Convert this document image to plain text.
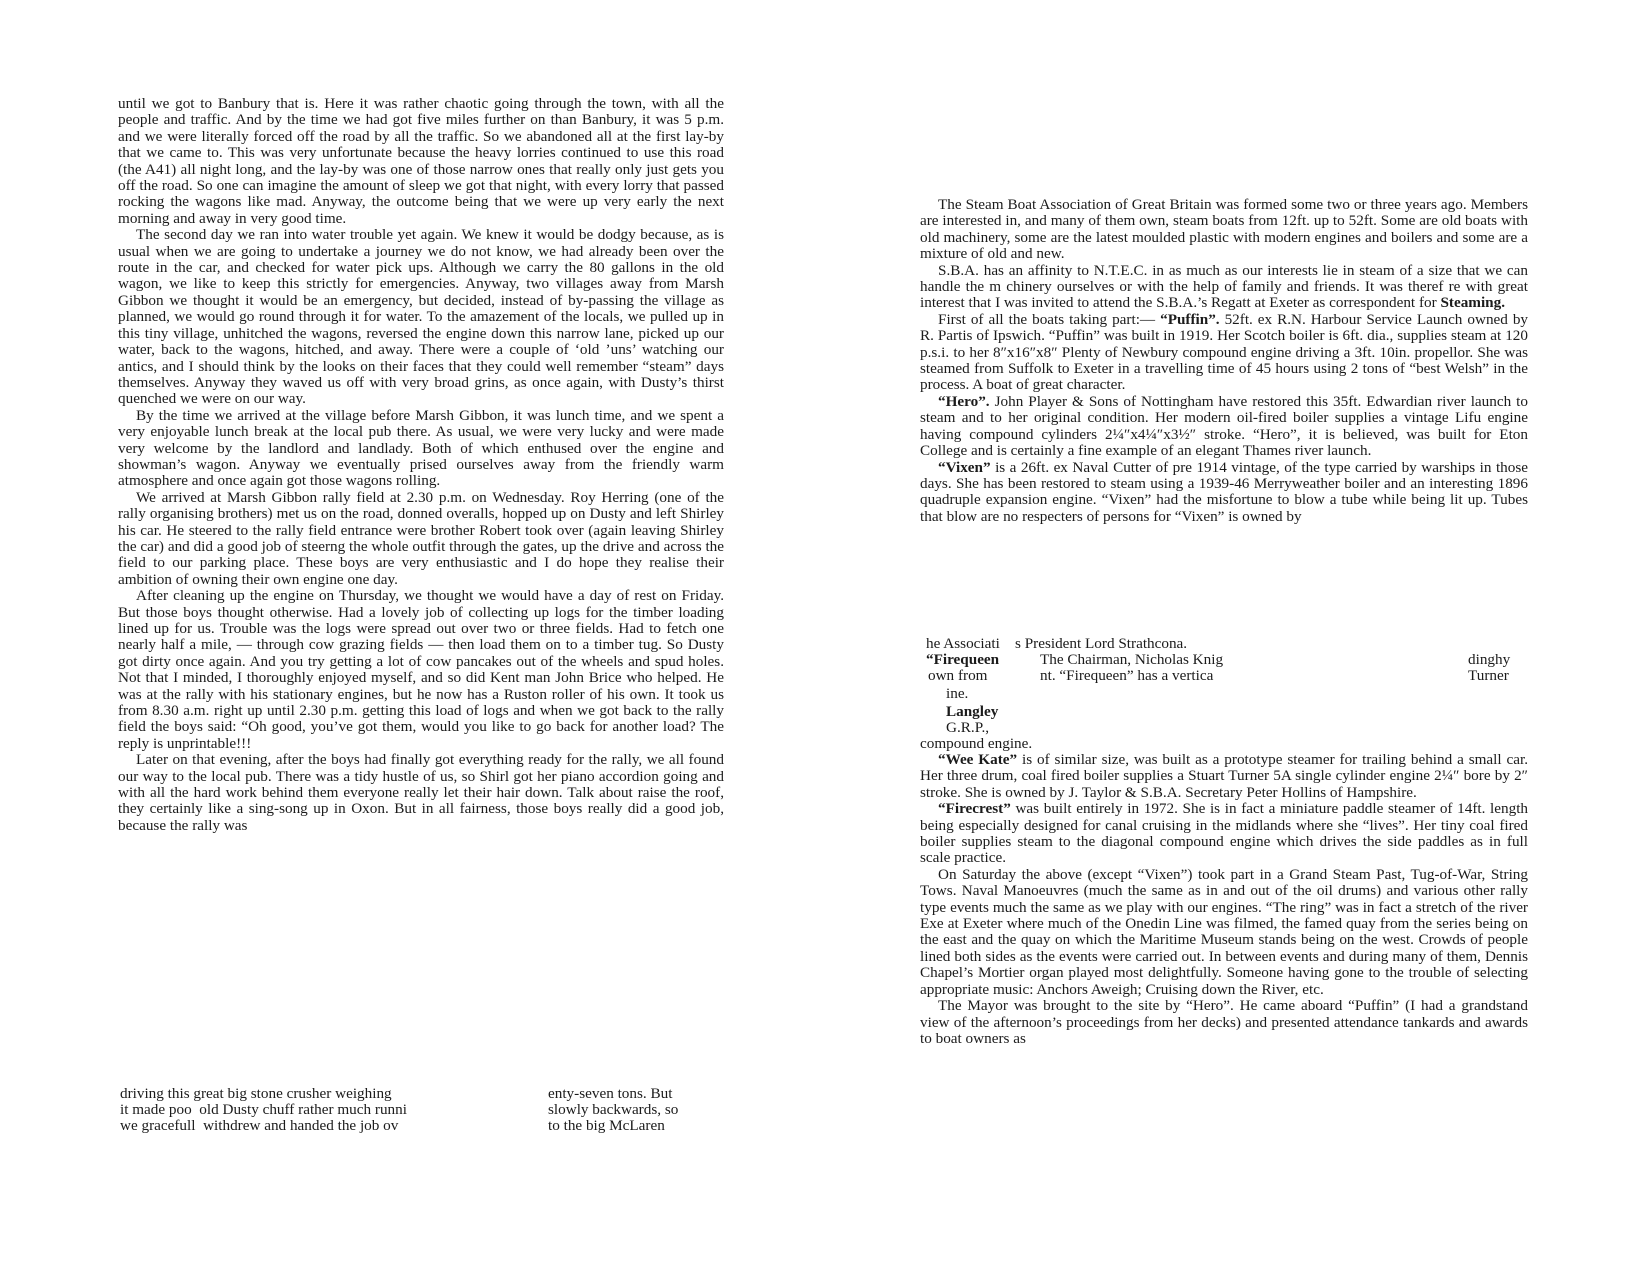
until we got to Banbury that is. Here it was rather chaotic going through the town, with all the people and traffic. And by the time we had got five miles further on than Banbury, it was 5 p.m. and we were literally forced off the road by all the traffic. So we abandoned all at the first lay-by that we came to. This was very unfortunate because the heavy lorries continued to use this road (the A41) all night long, and the lay-by was one of those narrow ones that really only just gets you off the road. So one can imagine the amount of sleep we got that night, with every lorry that passed rocking the wagons like mad. Anyway, the outcome being that we were up very early the next morning and away in very good time.

The second day we ran into water trouble yet again. We knew it would be dodgy because, as is usual when we are going to undertake a journey we do not know, we had already been over the route in the car, and checked for water pick ups. Although we carry the 80 gallons in the old wagon, we like to keep this strictly for emergencies. Anyway, two villages away from Marsh Gibbon we thought it would be an emergency, but decided, instead of by-passing the village as planned, we would go round through it for water. To the amazement of the locals, we pulled up in this tiny village, unhitched the wagons, reversed the engine down this narrow lane, picked up our water, back to the wagons, hitched, and away. There were a couple of ‘old ’uns’ watching our antics, and I should think by the looks on their faces that they could well remember “steam” days themselves. Anyway they waved us off with very broad grins, as once again, with Dusty’s thirst quenched we were on our way.

By the time we arrived at the village before Marsh Gibbon, it was lunch time, and we spent a very enjoyable lunch break at the local pub there. As usual, we were very lucky and were made very welcome by the landlord and landlady. Both of which enthused over the engine and showman’s wagon. Anyway we eventually prised ourselves away from the friendly warm atmosphere and once again got those wagons rolling.

We arrived at Marsh Gibbon rally field at 2.30 p.m. on Wednesday. Roy Herring (one of the rally organising brothers) met us on the road, donned overalls, hopped up on Dusty and left Shirley his car. He steered to the rally field entrance were brother Robert took over (again leaving Shirley the car) and did a good job of steerng the whole outfit through the gates, up the drive and across the field to our parking place. These boys are very enthusiastic and I do hope they realise their ambition of owning their own engine one day.

After cleaning up the engine on Thursday, we thought we would have a day of rest on Friday. But those boys thought otherwise. Had a lovely job of collecting up logs for the timber loading lined up for us. Trouble was the logs were spread out over two or three fields. Had to fetch one nearly half a mile, — through cow grazing fields — then load them on to a timber tug. So Dusty got dirty once again. And you try getting a lot of cow pancakes out of the wheels and spud holes. Not that I minded, I thoroughly enjoyed myself, and so did Kent man John Brice who helped. He was at the rally with his stationary engines, but he now has a Ruston roller of his own. It took us from 8.30 a.m. right up until 2.30 p.m. getting this load of logs and when we got back to the rally field the boys said: “Oh good, you’ve got them, would you like to go back for another load? The reply is unprintable!!!

Later on that evening, after the boys had finally got everything ready for the rally, we all found our way to the local pub. There was a tidy hustle of us, so Shirl got her piano accordion going and with all the hard work behind them everyone really let their hair down. Talk about raise the roof, they certainly like a sing-song up in Oxon. But in all fairness, those boys really did a good job, because the rally was

driving this great big stone crusher weighing	enty-seven tons. But
it made poo  old Dusty chuff rather much runni	slowly backwards, so
we gracefull  withdrew and handed the job ov	to the big McLaren

The Steam Boat Association of Great Britain was formed some two or three years ago. Members are interested in, and many of them own, steam boats from 12ft. up to 52ft. Some are old boats with old machinery, some are the latest moulded plastic with modern engines and boilers and some are a mixture of old and new.

S.B.A. has an affinity to N.T.E.C. in as much as our interests lie in steam of a size that we can handle the m chinery ourselves or with the help of family and friends. It was theref re with great interest that I was invited to attend the S.B.A.’s Regatt at Exeter as correspondent for Steaming.

First of all the boats taking part:— “Puffin”. 52ft. ex R.N. Harbour Service Launch owned by R. Partis of Ipswich. “Puffin” was built in 1919. Her Scotch boiler is 6ft. dia., supplies steam at 120 p.s.i. to her 8″x16″x8″ Plenty of Newbury compound engine driving a 3ft. 10in. propellor. She was steamed from Suffolk to Exeter in a travelling time of 45 hours using 2 tons of “best Welsh” in the process. A boat of great character.

“Hero”. John Player & Sons of Nottingham have restored this 35ft. Edwardian river launch to steam and to her original condition. Her modern oil-fired boiler supplies a vintage Lifu engine having compound cylinders 2¼″x4¼″x3½″ stroke. “Hero”, it is believed, was built for Eton College and is certainly a fine example of an elegant Thames river launch.

“Vixen” is a 26ft. ex Naval Cutter of pre 1914 vintage, of the type carried by warships in those days. She has been restored to steam using a 1939-46 Merryweather boiler and an interesting 1896 quadruple expansion engine. “Vixen” had the misfortune to blow a tube while being lit up. Tubes that blow are no respecters of persons for “Vixen” is owned by

he Associati    s President Lord Strathcona.
“Firequeen	The Chairman, Nicholas Knig	dinghy
own from	nt. “Firequeen” has a vertica	Turner
ine.
Langley
G.R.P.,
compound engine.

“Wee Kate” is of similar size, was built as a prototype steamer for trailing behind a small car. Her three drum, coal fired boiler supplies a Stuart Turner 5A single cylinder engine 2¼″ bore by 2″ stroke. She is owned by J. Taylor & S.B.A. Secretary Peter Hollins of Hampshire.

“Firecrest” was built entirely in 1972. She is in fact a miniature paddle steamer of 14ft. length being especially designed for canal cruising in the midlands where she “lives”. Her tiny coal fired boiler supplies steam to the diagonal compound engine which drives the side paddles as in full scale practice.

On Saturday the above (except “Vixen”) took part in a Grand Steam Past, Tug-of-War, String Tows. Naval Manoeuvres (much the same as in and out of the oil drums) and various other rally type events much the same as we play with our engines. “The ring” was in fact a stretch of the river Exe at Exeter where much of the Onedin Line was filmed, the famed quay from the series being on the east and the quay on which the Maritime Museum stands being on the west. Crowds of people lined both sides as the events were carried out. In between events and during many of them, Dennis Chapel’s Mortier organ played most delightfully. Someone having gone to the trouble of selecting appropriate music: Anchors Aweigh; Cruising down the River, etc.

The Mayor was brought to the site by “Hero”. He came aboard “Puffin” (I had a grandstand view of the afternoon’s proceedings from her decks) and presented attendance tankards and awards to boat owners as
